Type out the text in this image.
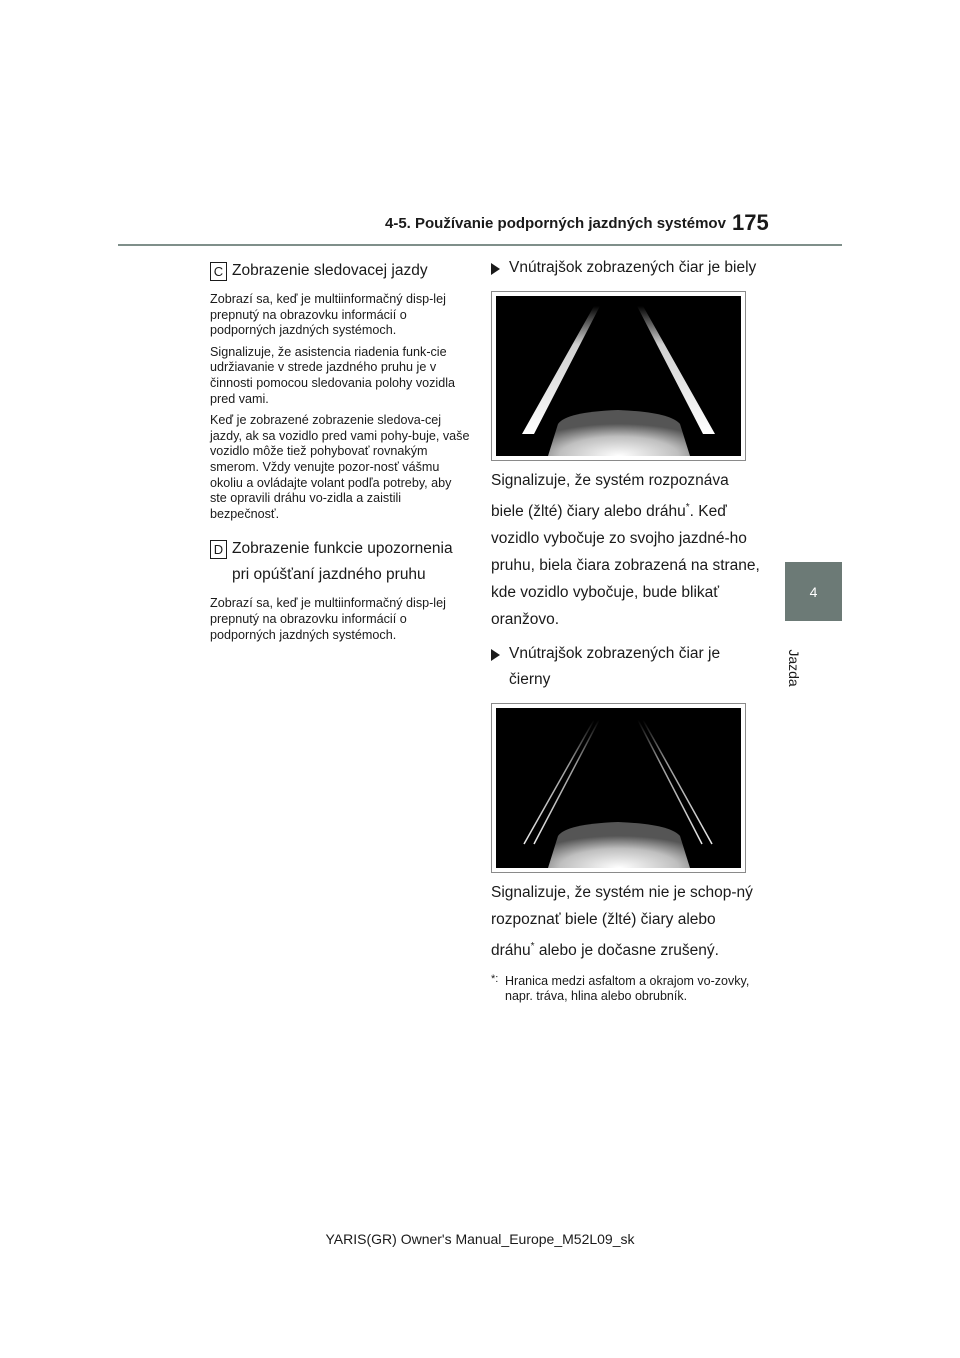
4-5. Používanie podporných jazdných systémov 175
4
Jazda
C Zobrazenie sledovacej jazdy

Zobrazí sa, keď je multiinformačný disp-lej prepnutý na obrazovku informácií o podporných jazdných systémoch.

Signalizuje, že asistencia riadenia funk-cie udržiavanie v strede jazdného pruhu je v činnosti pomocou sledovania polohy vozidla pred vami.

Keď je zobrazené zobrazenie sledova-cej jazdy, ak sa vozidlo pred vami pohy-buje, vaše vozidlo môže tiež pohybovať rovnakým smerom. Vždy venujte pozor-nosť vášmu okoliu a ovládajte volant podľa potreby, aby ste opravili dráhu vo-zidla a zaistili bezpečnosť.

D Zobrazenie funkcie upozornenia pri opúšťaní jazdného pruhu

Zobrazí sa, keď je multiinformačný disp-lej prepnutý na obrazovku informácií o podporných jazdných systémoch.

Vnútrajšok zobrazených čiar je biely

Signalizuje, že systém rozpoznáva biele (žlté) čiary alebo dráhu*. Keď vozidlo vybočuje zo svojho jazdné-ho pruhu, biela čiara zobrazená na strane, kde vozidlo vybočuje, bude blikať oranžovo.

Vnútrajšok zobrazených čiar je čierny

Signalizuje, že systém nie je schop-ný rozpoznať biele (žlté) čiary alebo dráhu* alebo je dočasne zrušený.

*: Hranica medzi asfaltom a okrajom vo-zovky, napr. tráva, hlina alebo obrubník.
YARIS(GR) Owner's Manual_Europe_M52L09_sk
